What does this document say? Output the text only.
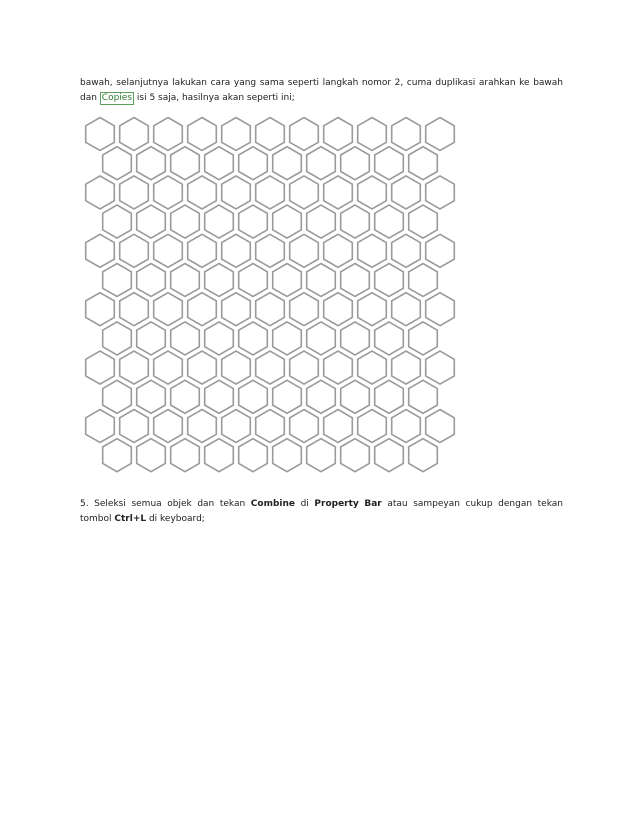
bawah, selanjutnya lakukan cara yang sama seperti langkah nomor 2, cuma duplikasi arahkan ke bawah
dan Copies isi 5 saja, hasilnya akan seperti ini;
5. Seleksi semua objek dan tekan Combine di Property Bar atau sampeyan cukup dengan tekan
tombol Ctrl+L di keyboard;
